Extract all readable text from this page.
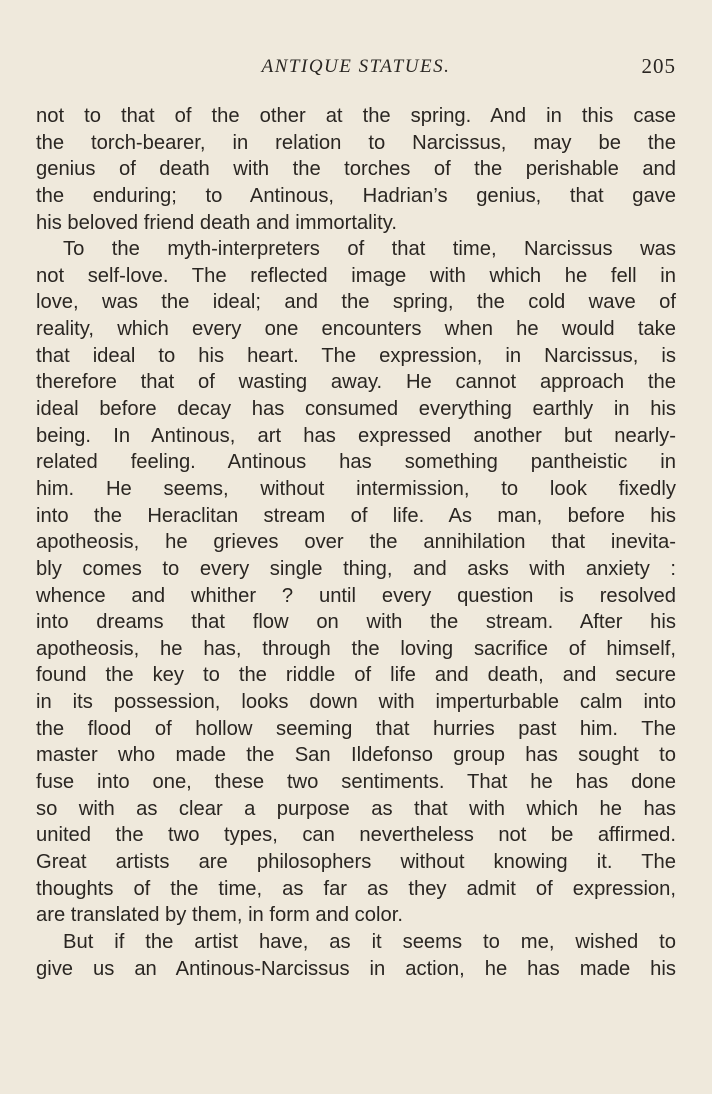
ANTIQUE STATUES.	205
not to that of the other at the spring. And in this case
the torch-bearer, in relation to Narcissus, may be the
genius of death with the torches of the perishable and
the enduring; to Antinous, Hadrian’s genius, that gave
his beloved friend death and immortality.
To the myth-interpreters of that time, Narcissus was
not self-love. The reflected image with which he fell in
love, was the ideal; and the spring, the cold wave of
reality, which every one encounters when he would take
that ideal to his heart. The expression, in Narcissus, is
therefore that of wasting away. He cannot approach the
ideal before decay has consumed everything earthly in his
being. In Antinous, art has expressed another but nearly-
related feeling. Antinous has something pantheistic in
him. He seems, without intermission, to look fixedly
into the Heraclitan stream of life. As man, before his
apotheosis, he grieves over the annihilation that inevita-
bly comes to every single thing, and asks with anxiety :
whence and whither ? until every question is resolved
into dreams that flow on with the stream. After his
apotheosis, he has, through the loving sacrifice of himself,
found the key to the riddle of life and death, and secure
in its possession, looks down with imperturbable calm into
the flood of hollow seeming that hurries past him. The
master who made the San Ildefonso group has sought to
fuse into one, these two sentiments. That he has done
so with as clear a purpose as that with which he has
united the two types, can nevertheless not be affirmed.
Great artists are philosophers without knowing it. The
thoughts of the time, as far as they admit of expression,
are translated by them, in form and color.
But if the artist have, as it seems to me, wished to
give us an Antinous-Narcissus in action, he has made his
